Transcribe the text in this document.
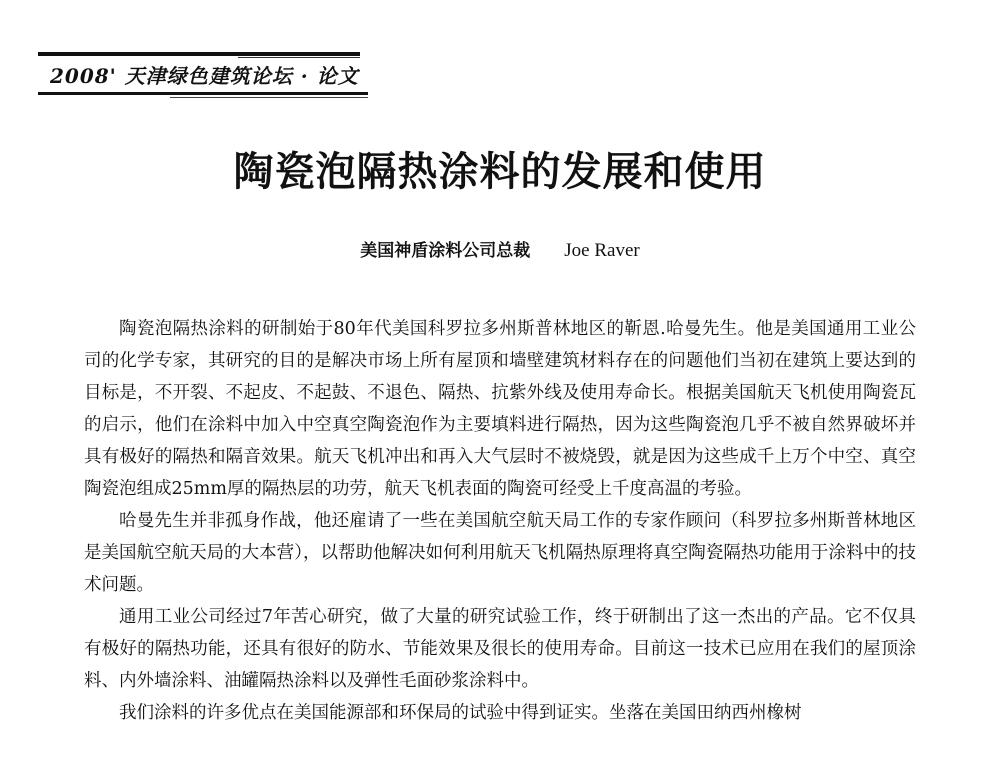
2008' 天津绿色建筑论坛 · 论文
陶瓷泡隔热涂料的发展和使用
美国神盾涂料公司总裁 Joe Raver

陶瓷泡隔热涂料的研制始于80年代美国科罗拉多州斯普林地区的靳恩.哈曼先生。他是美国通用工业公司的化学专家，其研究的目的是解决市场上所有屋顶和墙壁建筑材料存在的问题他们当初在建筑上要达到的目标是，不开裂、不起皮、不起鼓、不退色、隔热、抗紫外线及使用寿命长。根据美国航天飞机使用陶瓷瓦的启示，他们在涂料中加入中空真空陶瓷泡作为主要填料进行隔热，因为这些陶瓷泡几乎不被自然界破坏并具有极好的隔热和隔音效果。航天飞机冲出和再入大气层时不被烧毁，就是因为这些成千上万个中空、真空陶瓷泡组成25mm厚的隔热层的功劳，航天飞机表面的陶瓷可经受上千度高温的考验。

哈曼先生并非孤身作战，他还雇请了一些在美国航空航天局工作的专家作顾问（科罗拉多州斯普林地区是美国航空航天局的大本营），以帮助他解决如何利用航天飞机隔热原理将真空陶瓷隔热功能用于涂料中的技术问题。

通用工业公司经过7年苦心研究，做了大量的研究试验工作，终于研制出了这一杰出的产品。它不仅具有极好的隔热功能，还具有很好的防水、节能效果及很长的使用寿命。目前这一技术已应用在我们的屋顶涂料、内外墙涂料、油罐隔热涂料以及弹性毛面砂浆涂料中。

我们涂料的许多优点在美国能源部和环保局的试验中得到证实。坐落在美国田纳西州橡树
